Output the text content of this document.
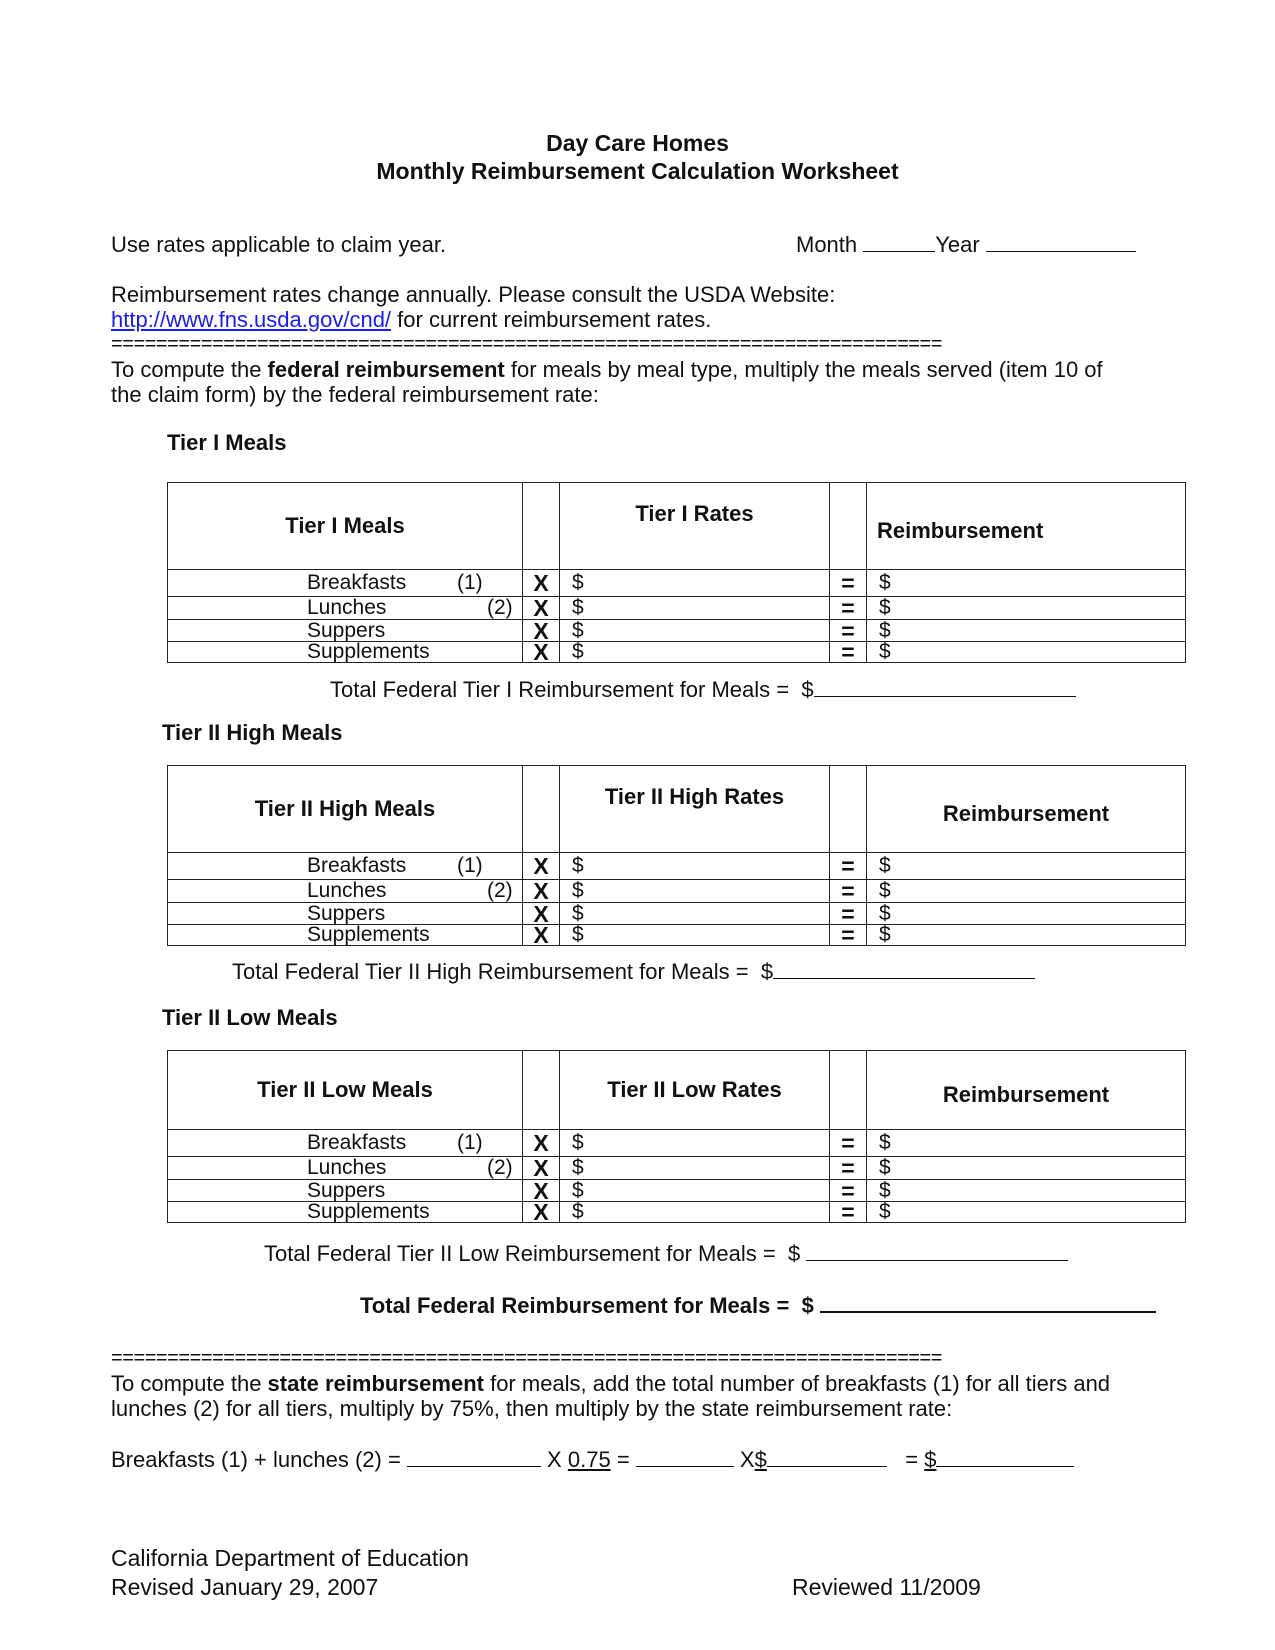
Day Care Homes
Monthly Reimbursement Calculation Worksheet
Use rates applicable to claim year.	Month	Year
Reimbursement rates change annually. Please consult the USDA Website:
http://www.fns.usda.gov/cnd/ for current reimbursement rates.
==========================================================================
To compute the federal reimbursement for meals by meal type, multiply the meals served (item 10 of
the claim form) by the federal reimbursement rate:
Tier I Meals
Tier I Meals		Tier I Rates		Reimbursement
Breakfasts (1)	X	$	=	$
Lunches (2)	X	$	=	$
Suppers	X	$	=	$
Supplements	X	$	=	$
Total Federal Tier I Reimbursement for Meals = $
Tier II High Meals
Tier II High Meals		Tier II High Rates		Reimbursement
Breakfasts (1)	X	$	=	$
Lunches (2)	X	$	=	$
Suppers	X	$	=	$
Supplements	X	$	=	$
Total Federal Tier II High Reimbursement for Meals = $
Tier II Low Meals
Tier II Low Meals		Tier II Low Rates		Reimbursement
Breakfasts (1)	X	$	=	$
Lunches (2)	X	$	=	$
Suppers	X	$	=	$
Supplements	X	$	=	$
Total Federal Tier II Low Reimbursement for Meals = $
Total Federal Reimbursement for Meals = $
==========================================================================
To compute the state reimbursement for meals, add the total number of breakfasts (1) for all tiers and
lunches (2) for all tiers, multiply by 75%, then multiply by the state reimbursement rate:
Breakfasts (1) + lunches (2) =	X 0.75 =	X$	= $
California Department of Education
Revised January 29, 2007	Reviewed 11/2009
